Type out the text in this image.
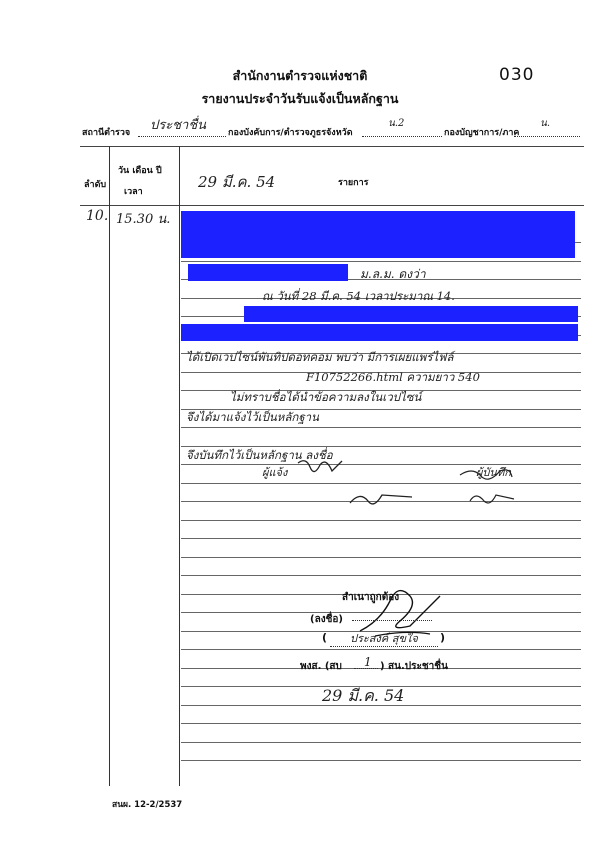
สำนักงานตำรวจแห่งชาติ
รายงานประจำวันรับแจ้งเป็นหลักฐาน
030
สถานีตำรวจ ประชาชื่น กองบังคับการ/ตำรวจภูธรจังหวัด
น.2
กองบัญชาการ/ภาค
น.
ลำดับ
วัน เดือน ปี
เวลา
29 มี.ค. 54	รายการ
10. 15.30 น.
ม.ล.ม. ดงว่า
ณ วันที่ 28 มี.ค. 54 เวลาประมาณ 14.
ได้เปิดเวปไซน์พันทิปดอทคอม พบว่า มีการเผยแพร่ไฟล์
F10752266.html ความยาว 540
ไม่ทราบชื่อได้นำข้อความลงในเวปไซน์
จึงได้มาแจ้งไว้เป็นหลักฐาน
จึงบันทึกไว้เป็นหลักฐาน ลงชื่อ
ผู้แจ้ง	ผู้บันทึก
สำเนาถูกต้อง
(ลงชื่อ)
ประสงค์ สุขใจ
(	)
พงส. (สบ 1 ) สน.ประชาชื่น
29 มี.ค. 54
สนผ. 12-2/2537
